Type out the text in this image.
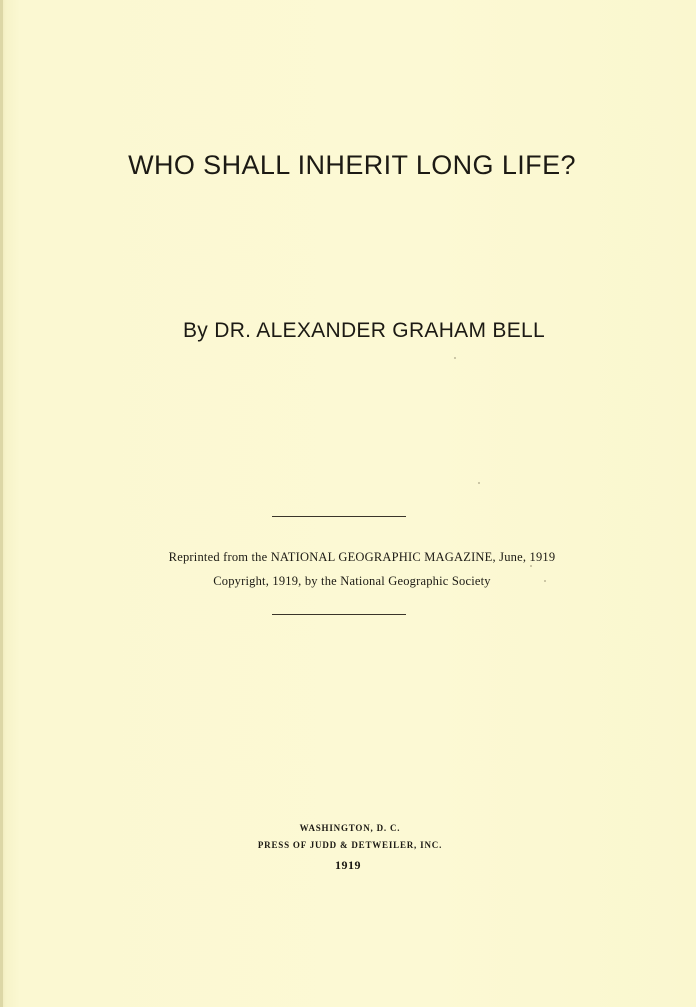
WHO SHALL INHERIT LONG LIFE?
By DR. ALEXANDER GRAHAM BELL
Reprinted from the NATIONAL GEOGRAPHIC MAGAZINE, June, 1919
Copyright, 1919, by the National Geographic Society
WASHINGTON, D. C.
PRESS OF JUDD & DETWEILER, INC.
1919
